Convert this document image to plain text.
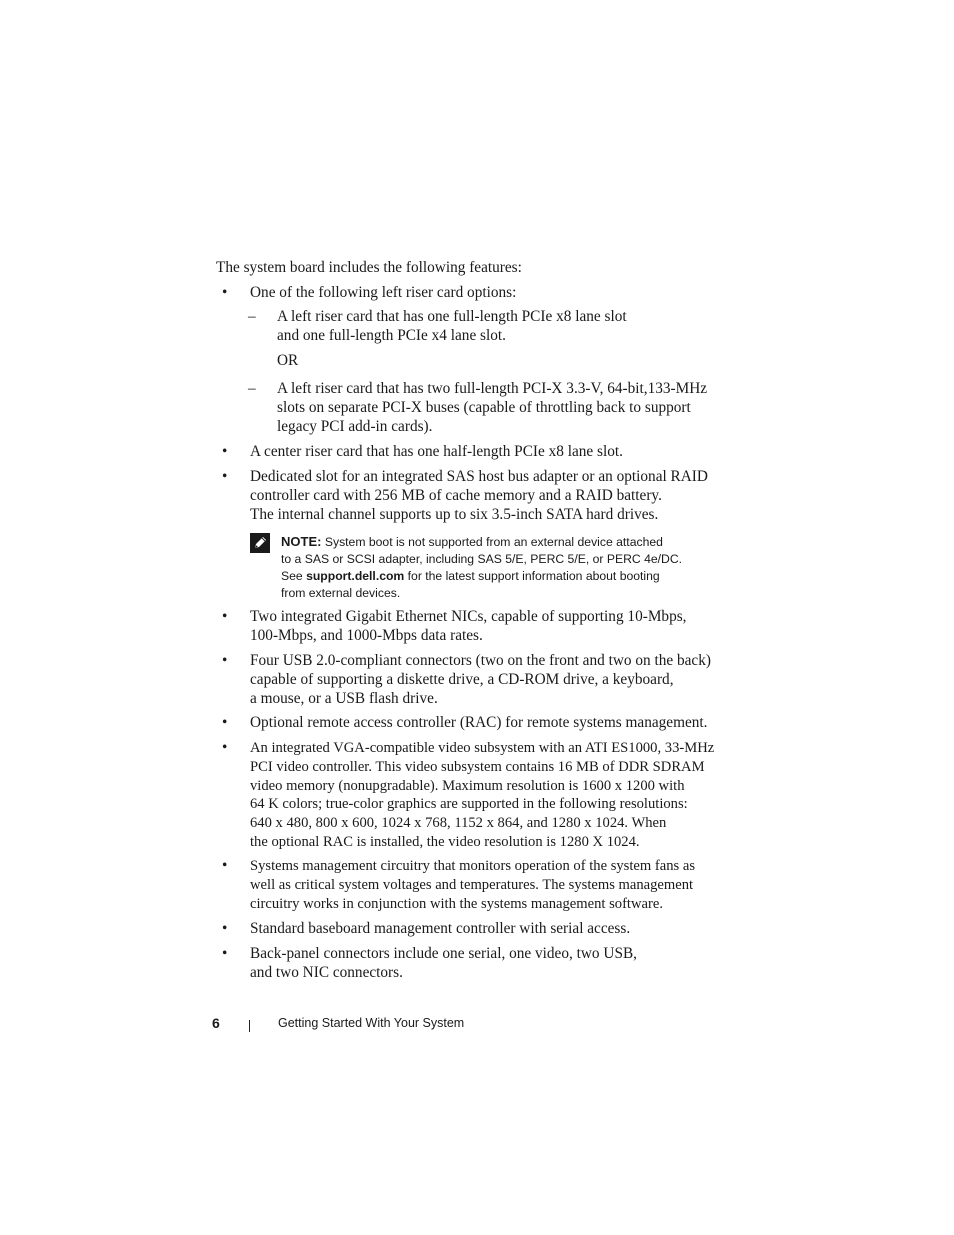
The system board includes the following features:

• One of the following left riser card options:
– A left riser card that has one full-length PCIe x8 lane slot
and one full-length PCIe x4 lane slot.
OR
– A left riser card that has two full-length PCI-X 3.3-V, 64-bit,133-MHz
slots on separate PCI-X buses (capable of throttling back to support
legacy PCI add-in cards).
• A center riser card that has one half-length PCIe x8 lane slot.
• Dedicated slot for an integrated SAS host bus adapter or an optional RAID
controller card with 256 MB of cache memory and a RAID battery.
The internal channel supports up to six 3.5-inch SATA hard drives.
NOTE: System boot is not supported from an external device attached
to a SAS or SCSI adapter, including SAS 5/E, PERC 5/E, or PERC 4e/DC.
See support.dell.com for the latest support information about booting
from external devices.
• Two integrated Gigabit Ethernet NICs, capable of supporting 10-Mbps,
100-Mbps, and 1000-Mbps data rates.
• Four USB 2.0-compliant connectors (two on the front and two on the back)
capable of supporting a diskette drive, a CD-ROM drive, a keyboard,
a mouse, or a USB flash drive.
• Optional remote access controller (RAC) for remote systems management.
• An integrated VGA-compatible video subsystem with an ATI ES1000, 33-MHz
PCI video controller. This video subsystem contains 16 MB of DDR SDRAM
video memory (nonupgradable). Maximum resolution is 1600 x 1200 with
64 K colors; true-color graphics are supported in the following resolutions:
640 x 480, 800 x 600, 1024 x 768, 1152 x 864, and 1280 x 1024. When
the optional RAC is installed, the video resolution is 1280 X 1024.
• Systems management circuitry that monitors operation of the system fans as
well as critical system voltages and temperatures. The systems management
circuitry works in conjunction with the systems management software.
• Standard baseboard management controller with serial access.
• Back-panel connectors include one serial, one video, two USB,
and two NIC connectors.
6	Getting Started With Your System
